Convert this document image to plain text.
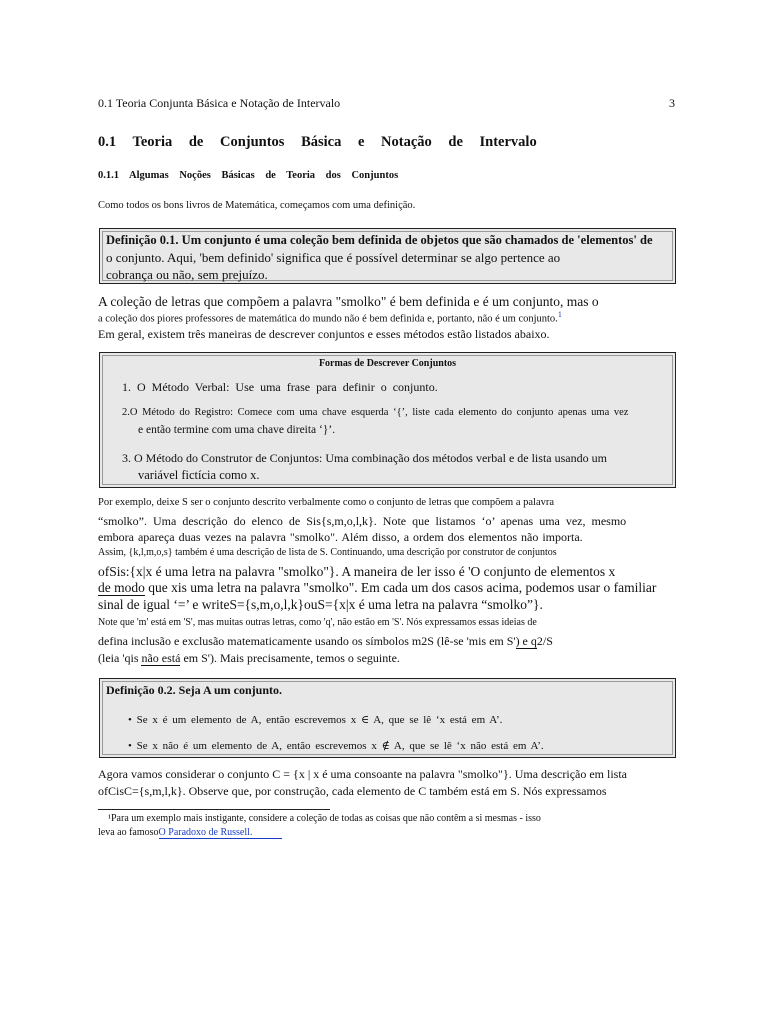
0.1 Teoria Conjunta Básica e Notação de Intervalo	3
0.1 Teoria de Conjuntos Básica e Notação de Intervalo
0.1.1 Algumas Noções Básicas de Teoria dos Conjuntos
Como todos os bons livros de Matemática, começamos com uma definição.
Definição 0.1. Um conjunto é uma coleção bem definida de objetos que são chamados de 'elementos' de
o conjunto. Aqui, 'bem definido' significa que é possível determinar se algo pertence ao
cobrança ou não, sem prejuízo.
A coleção de letras que compõem a palavra "smolko" é bem definida e é um conjunto, mas o
a coleção dos piores professores de matemática do mundo não é bem definida e, portanto, não é um conjunto.$^1$
Em geral, existem três maneiras de descrever conjuntos e esses métodos estão listados abaixo.
Formas de Descrever Conjuntos
1. O Método Verbal: Use uma frase para definir o conjunto.
2.O Método do Registro: Comece com uma chave esquerda ‘{’, liste cada elemento do conjunto apenas uma vez
e então termine com uma chave direita ‘}’.
3. O Método do Construtor de Conjuntos: Uma combinação dos métodos verbal e de lista usando um
variável fictícia como x.
Por exemplo, deixe S ser o conjunto descrito verbalmente como o conjunto de letras que compõem a palavra
“smolko”. Uma descrição do elenco de Sis{s,m,o,l,k}. Note que listamos ‘o’ apenas uma vez, mesmo
embora apareça duas vezes na palavra "smolko". Além disso, a ordem dos elementos não importa.
Assim, {k,l,m,o,s} também é uma descrição de lista de S. Continuando, uma descrição por construtor de conjuntos
ofSis:{x|x é uma letra na palavra "smolko"}. A maneira de ler isso é 'O conjunto de elementos x
de modo que xis uma letra na palavra "smolko". Em cada um dos casos acima, podemos usar o familiar
sinal de igual ‘=’ e writeS={s,m,o,l,k}ouS={x|x é uma letra na palavra “smolko”}.
Note que 'm' está em 'S', mas muitas outras letras, como 'q', não estão em 'S'. Nós expressamos essas ideias de
defina inclusão e exclusão matematicamente usando os símbolos m2S (lê-se 'mis em S') e q2/S
(leia 'qis não está em S'). Mais precisamente, temos o seguinte.
Definição 0.2. Seja A um conjunto.
• Se x é um elemento de A, então escrevemos x ∈ A, que se lê ‘x está em A’.
• Se x não é um elemento de A, então escrevemos x ∉ A, que se lê ‘x não está em A’.
Agora vamos considerar o conjunto C = {x | x é uma consoante na palavra "smolko"}. Uma descrição em lista
ofCisC={s,m,l,k}. Observe que, por construção, cada elemento de C também está em S. Nós expressamos
¹Para um exemplo mais instigante, considere a coleção de todas as coisas que não contêm a si mesmas - isso
leva ao famosoO Paradoxo de Russell.
